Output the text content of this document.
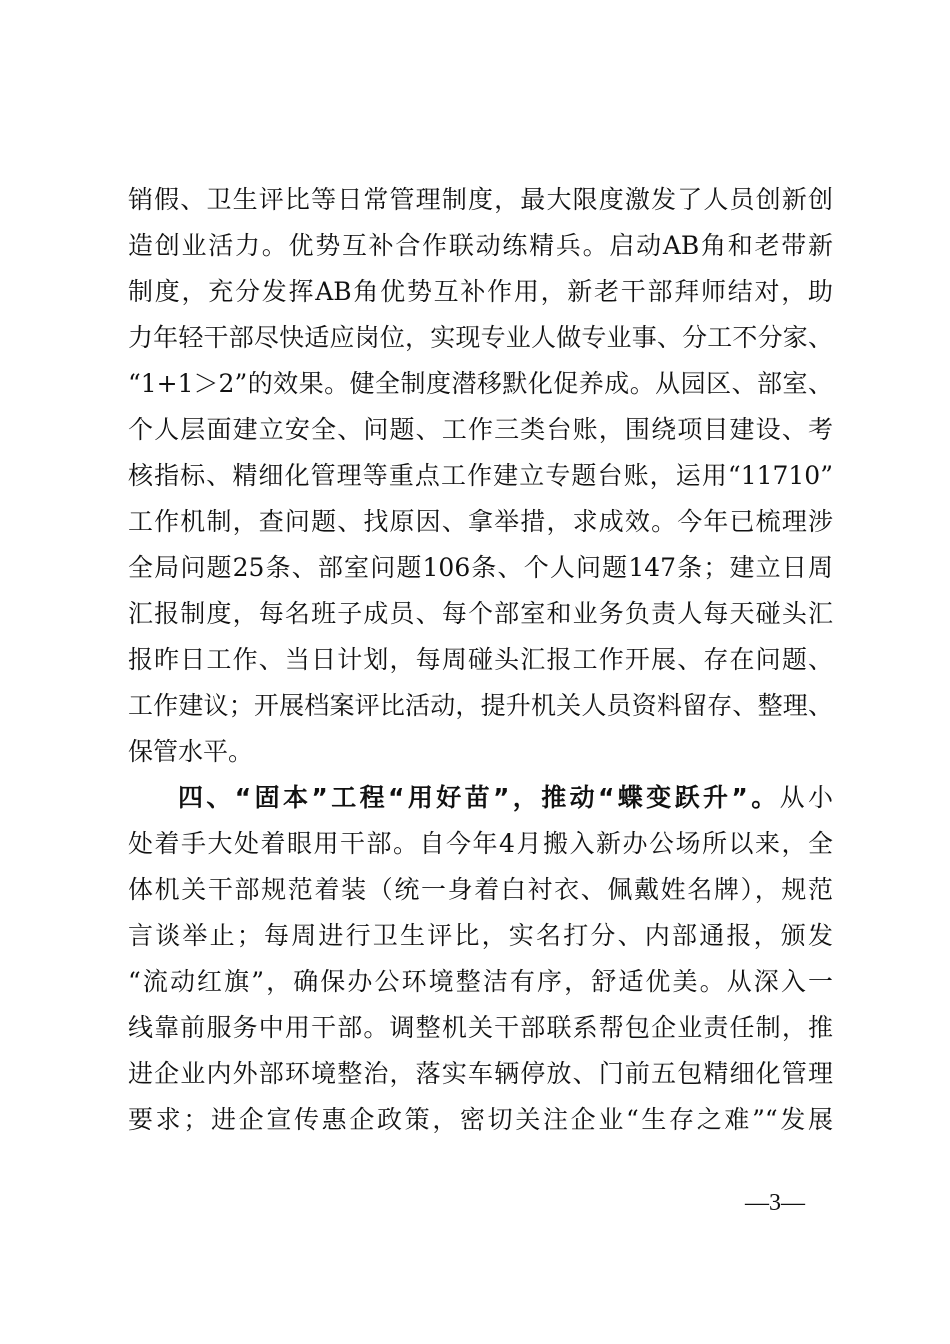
销假、卫生评比等日常管理制度，最大限度激发了人员创新创
造创业活力。优势互补合作联动练精兵。启动AB角和老带新
制度，充分发挥AB角优势互补作用，新老干部拜师结对，助
力年轻干部尽快适应岗位，实现专业人做专业事、分工不分家、
“1+1＞2”的效果。健全制度潜移默化促养成。从园区、部室、
个人层面建立安全、问题、工作三类台账，围绕项目建设、考
核指标、精细化管理等重点工作建立专题台账，运用“11710”
工作机制，查问题、找原因、拿举措，求成效。今年已梳理涉
全局问题25条、部室问题106条、个人问题147条；建立日周
汇报制度，每名班子成员、每个部室和业务负责人每天碰头汇
报昨日工作、当日计划，每周碰头汇报工作开展、存在问题、
工作建议；开展档案评比活动，提升机关人员资料留存、整理、
保管水平。
四、“固本”工程“用好苗”，推动“蝶变跃升”。从小
处着手大处着眼用干部。自今年4月搬入新办公场所以来，全
体机关干部规范着装（统一身着白衬衣、佩戴姓名牌），规范
言谈举止；每周进行卫生评比，实名打分、内部通报，颁发
“流动红旗”，确保办公环境整洁有序，舒适优美。从深入一
线靠前服务中用干部。调整机关干部联系帮包企业责任制，推
进企业内外部环境整治，落实车辆停放、门前五包精细化管理
要求；进企宣传惠企政策，密切关注企业“生存之难”“发展
—3—
